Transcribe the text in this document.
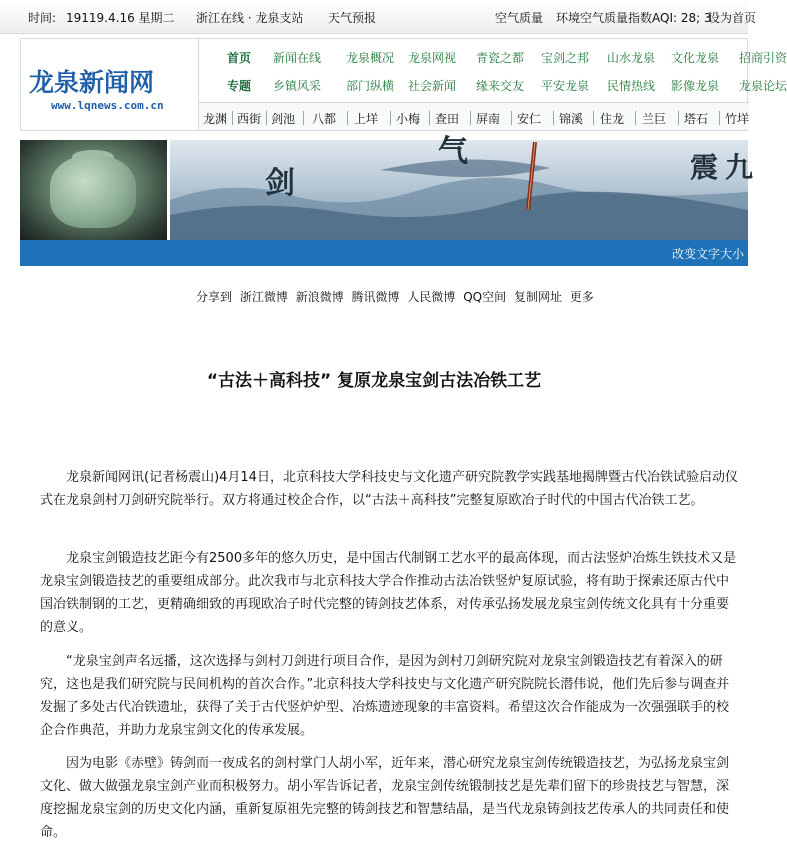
时间: 19119.4.16 星期二 浙江在线 · 龙泉支站 天气预报	空气质量 环境空气质量指数AQI: 28; 3
设为首页
龙泉新闻网
www.lqnews.com.cn
首页 新闻在线 龙泉概况 龙泉网视 青瓷之都 宝剑之邦 山水龙泉 文化龙泉 招商引资
专题 乡镇风采 部门纵横 社会新闻 缘来交友 平安龙泉 民情热线 影像龙泉 龙泉论坛
龙渊 西街 剑池 八都 上垟 小梅 查田 屏南 安仁 锦溪 住龙 兰巨 塔石 竹垟
剑
气	震 九
改变文字大小
分享到 浙江微博 新浪微博 腾讯微博 人民微博 QQ空间 复制网址 更多
“古法＋高科技” 复原龙泉宝剑古法冶铁工艺

龙泉新闻网讯(记者杨震山)4月14日，北京科技大学科技史与文化遗产研究院教学实践基地揭牌暨古代冶铁试验启动仪式在龙泉剑村刀剑研究院举行。双方将通过校企合作，以“古法＋高科技”完整复原欧冶子时代的中国古代冶铁工艺。

龙泉宝剑锻造技艺距今有2500多年的悠久历史，是中国古代制钢工艺水平的最高体现，而古法竖炉冶炼生铁技术又是龙泉宝剑锻造技艺的重要组成部分。此次我市与北京科技大学合作推动古法冶铁竖炉复原试验，将有助于探索还原古代中国冶铁制钢的工艺，更精确细致的再现欧冶子时代完整的铸剑技艺体系，对传承弘扬发展龙泉宝剑传统文化具有十分重要的意义。

“龙泉宝剑声名远播，这次选择与剑村刀剑进行项目合作，是因为剑村刀剑研究院对龙泉宝剑锻造技艺有着深入的研究，这也是我们研究院与民间机构的首次合作。”北京科技大学科技史与文化遗产研究院院长潜伟说，他们先后参与调查并发掘了多处古代冶铁遗址，获得了关于古代竖炉炉型、冶炼遗迹现象的丰富资料。希望这次合作能成为一次强强联手的校企合作典范，并助力龙泉宝剑文化的传承发展。

因为电影《赤壁》铸剑而一夜成名的剑村掌门人胡小军，近年来，潜心研究龙泉宝剑传统锻造技艺，为弘扬龙泉宝剑文化、做大做强龙泉宝剑产业而积极努力。胡小军告诉记者，龙泉宝剑传统锻制技艺是先辈们留下的珍贵技艺与智慧，深度挖掘龙泉宝剑的历史文化内涵，重新复原祖先完整的铸剑技艺和智慧结晶，是当代龙泉铸剑技艺传承人的共同责任和使命。
